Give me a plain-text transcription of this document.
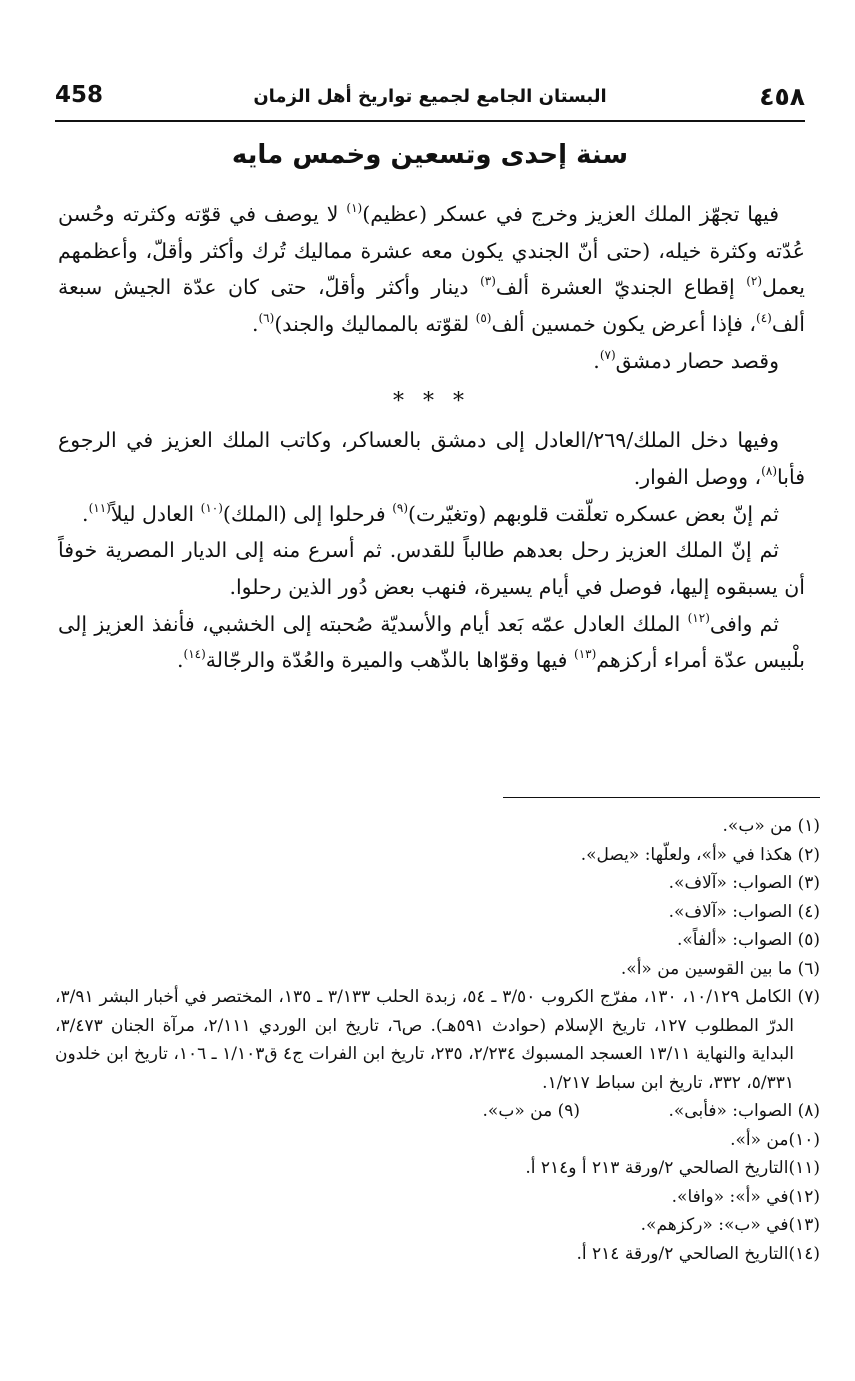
458	البستان الجامع لجميع تواريخ أهل الزمان	٤٥٨
سنة إحدى وتسعين وخمس مايه

فيها تجهّز الملك العزيز وخرج في عسكر (عظيم)$^{(١)}$ لا يوصف في قوّته وكثرته وحُسن عُدّته وكثرة خيله، (حتى أنّ الجندي يكون معه عشرة مماليك تُرك وأكثر وأقلّ، وأعظمهم يعمل$^{(٢)}$ إقطاع الجنديّ العشرة ألف$^{(٣)}$ دينار وأكثر وأقلّ، حتى كان عدّة الجيش سبعة ألف$^{(٤)}$، فإذا أعرض يكون خمسين ألف$^{(٥)}$ لقوّته بالمماليك والجند)$^{(٦)}$.

وقصد حصار دمشق$^{(٧)}$.

* * *

وفيها دخل الملك/٢٦٩/العادل إلى دمشق بالعساكر، وكاتب الملك العزيز في الرجوع فأبا$^{(٨)}$، ووصل الفوار.

ثم إنّ بعض عسكره تعلّقت قلوبهم (وتغيّرت)$^{(٩)}$ فرحلوا إلى (الملك)$^{(١٠)}$ العادل ليلاً$^{(١١)}$.

ثم إنّ الملك العزيز رحل بعدهم طالباً للقدس. ثم أسرع منه إلى الديار المصرية خوفاً أن يسبقوه إليها، فوصل في أيام يسيرة، فنهب بعض دُور الذين رحلوا.

ثم وافى$^{(١٢)}$ الملك العادل عمّه بَعد أيام والأسديّة صُحبته إلى الخشبي، فأنفذ العزيز إلى بلْبيس عدّة أمراء أركزهم$^{(١٣)}$ فيها وقوّاها بالذّهب والميرة والعُدّة والرجّالة$^{(١٤)}$.

(١) من «ب».

(٢) هكذا في «أ»، ولعلّها: «يصل».

(٣) الصواب: «آلاف».

(٤) الصواب: «آلاف».

(٥) الصواب: «ألفاً».

(٦) ما بين القوسين من «أ».

(٧) الكامل ١٠/١٢٩، ١٣٠، مفرّج الكروب ٣/٥٠ ـ ٥٤، زبدة الحلب ٣/١٣٣ ـ ١٣٥، المختصر في أخبار البشر ٣/٩١، الدرّ المطلوب ١٢٧، تاريخ الإسلام (حوادث ٥٩١هـ). ص٦، تاريخ ابن الوردي ٢/١١١، مرآة الجنان ٣/٤٧٣، البداية والنهاية ١٣/١١ العسجد المسبوك ٢/٢٣٤، ٢٣٥، تاريخ ابن الفرات ج٤ ق١/١٠٣ ـ ١٠٦، تاريخ ابن خلدون ٥/٣٣١، ٣٣٢، تاريخ ابن سباط ١/٢١٧.

(٨) الصواب: «فأبى».
(٩) من «ب».

(١٠)من «أ».

(١١)التاريخ الصالحي ٢/ورقة ٢١٣ أ و٢١٤ أ.

(١٢)في «أ»: «وافا».

(١٣)في «ب»: «ركزهم».

(١٤)التاريخ الصالحي ٢/ورقة ٢١٤ أ.
